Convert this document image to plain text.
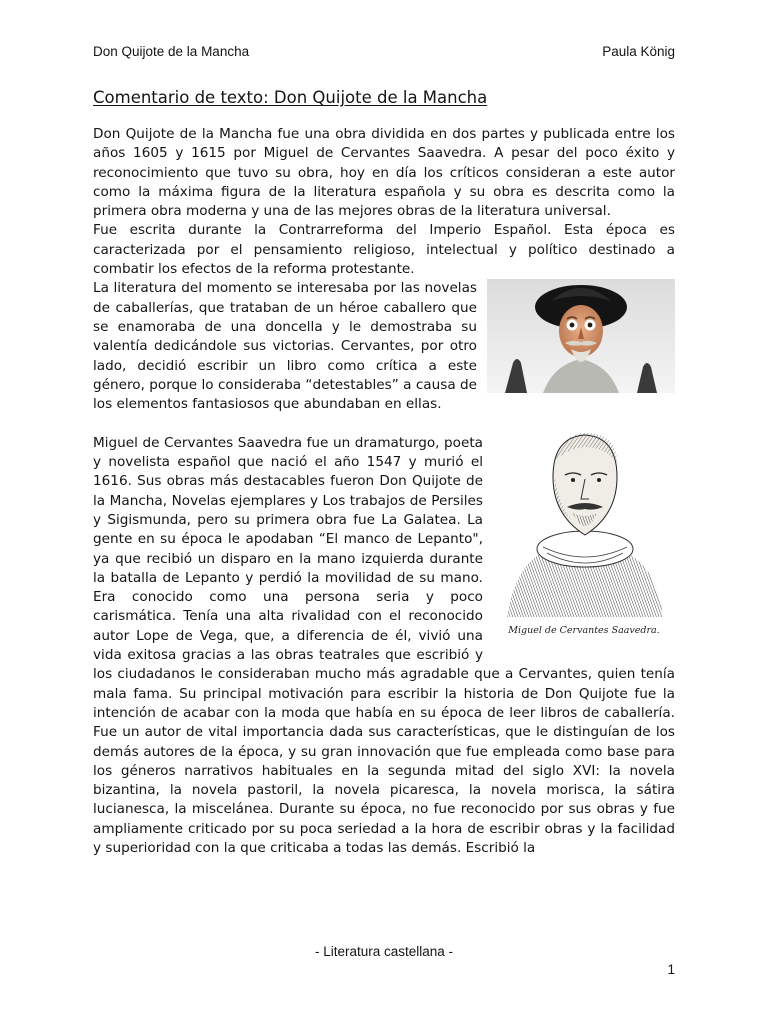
Don Quijote de la Mancha	Paula König
Comentario de texto: Don Quijote de la Mancha

Don Quijote de la Mancha fue una obra dividida en dos partes y publicada entre los años 1605 y 1615 por Miguel de Cervantes Saavedra. A pesar del poco éxito y reconocimiento que tuvo su obra, hoy en día los críticos consideran a este autor como la máxima figura de la literatura española y su obra es descrita como la primera obra moderna y una de las mejores obras de la literatura universal.

Fue escrita durante la Contrarreforma del Imperio Español. Esta época es caracterizada por el pensamiento religioso, intelectual y político destinado a combatir los efectos de la reforma protestante.

La literatura del momento se interesaba por las novelas de caballerías, que trataban de un héroe caballero que se enamoraba de una doncella y le demostraba su valentía dedicándole sus victorias. Cervantes, por otro lado, decidió escribir un libro como crítica a este género, porque lo consideraba “detestables” a causa de los elementos fantasiosos que abundaban en ellas.

Miguel de Cervantes Saavedra.

Miguel de Cervantes Saavedra fue un dramaturgo, poeta y novelista español que nació el año 1547 y murió el 1616. Sus obras más destacables fueron Don Quijote de la Mancha, Novelas ejemplares y Los trabajos de Persiles y Sigismunda, pero su primera obra fue La Galatea. La gente en su época le apodaban “El manco de Lepanto", ya que recibió un disparo en la mano izquierda durante la batalla de Lepanto y perdió la movilidad de su mano. Era conocido como una persona seria y poco carismática. Tenía una alta rivalidad con el reconocido autor Lope de Vega, que, a diferencia de él, vivió una vida exitosa gracias a las obras teatrales que escribió y los ciudadanos le consideraban mucho más agradable que a Cervantes, quien tenía mala fama. Su principal motivación para escribir la historia de Don Quijote fue la intención de acabar con la moda que había en su época de leer libros de caballería. Fue un autor de vital importancia dada sus características, que le distinguían de los demás autores de la época, y su gran innovación que fue empleada como base para los géneros narrativos habituales en la segunda mitad del siglo XVI: la novela bizantina, la novela pastoril, la novela picaresca, la novela morisca, la sátira lucianesca, la miscelánea. Durante su época, no fue reconocido por sus obras y fue ampliamente criticado por su poca seriedad a la hora de escribir obras y la facilidad y superioridad con la que criticaba a todas las demás. Escribió la

- Literatura castellana -
1
